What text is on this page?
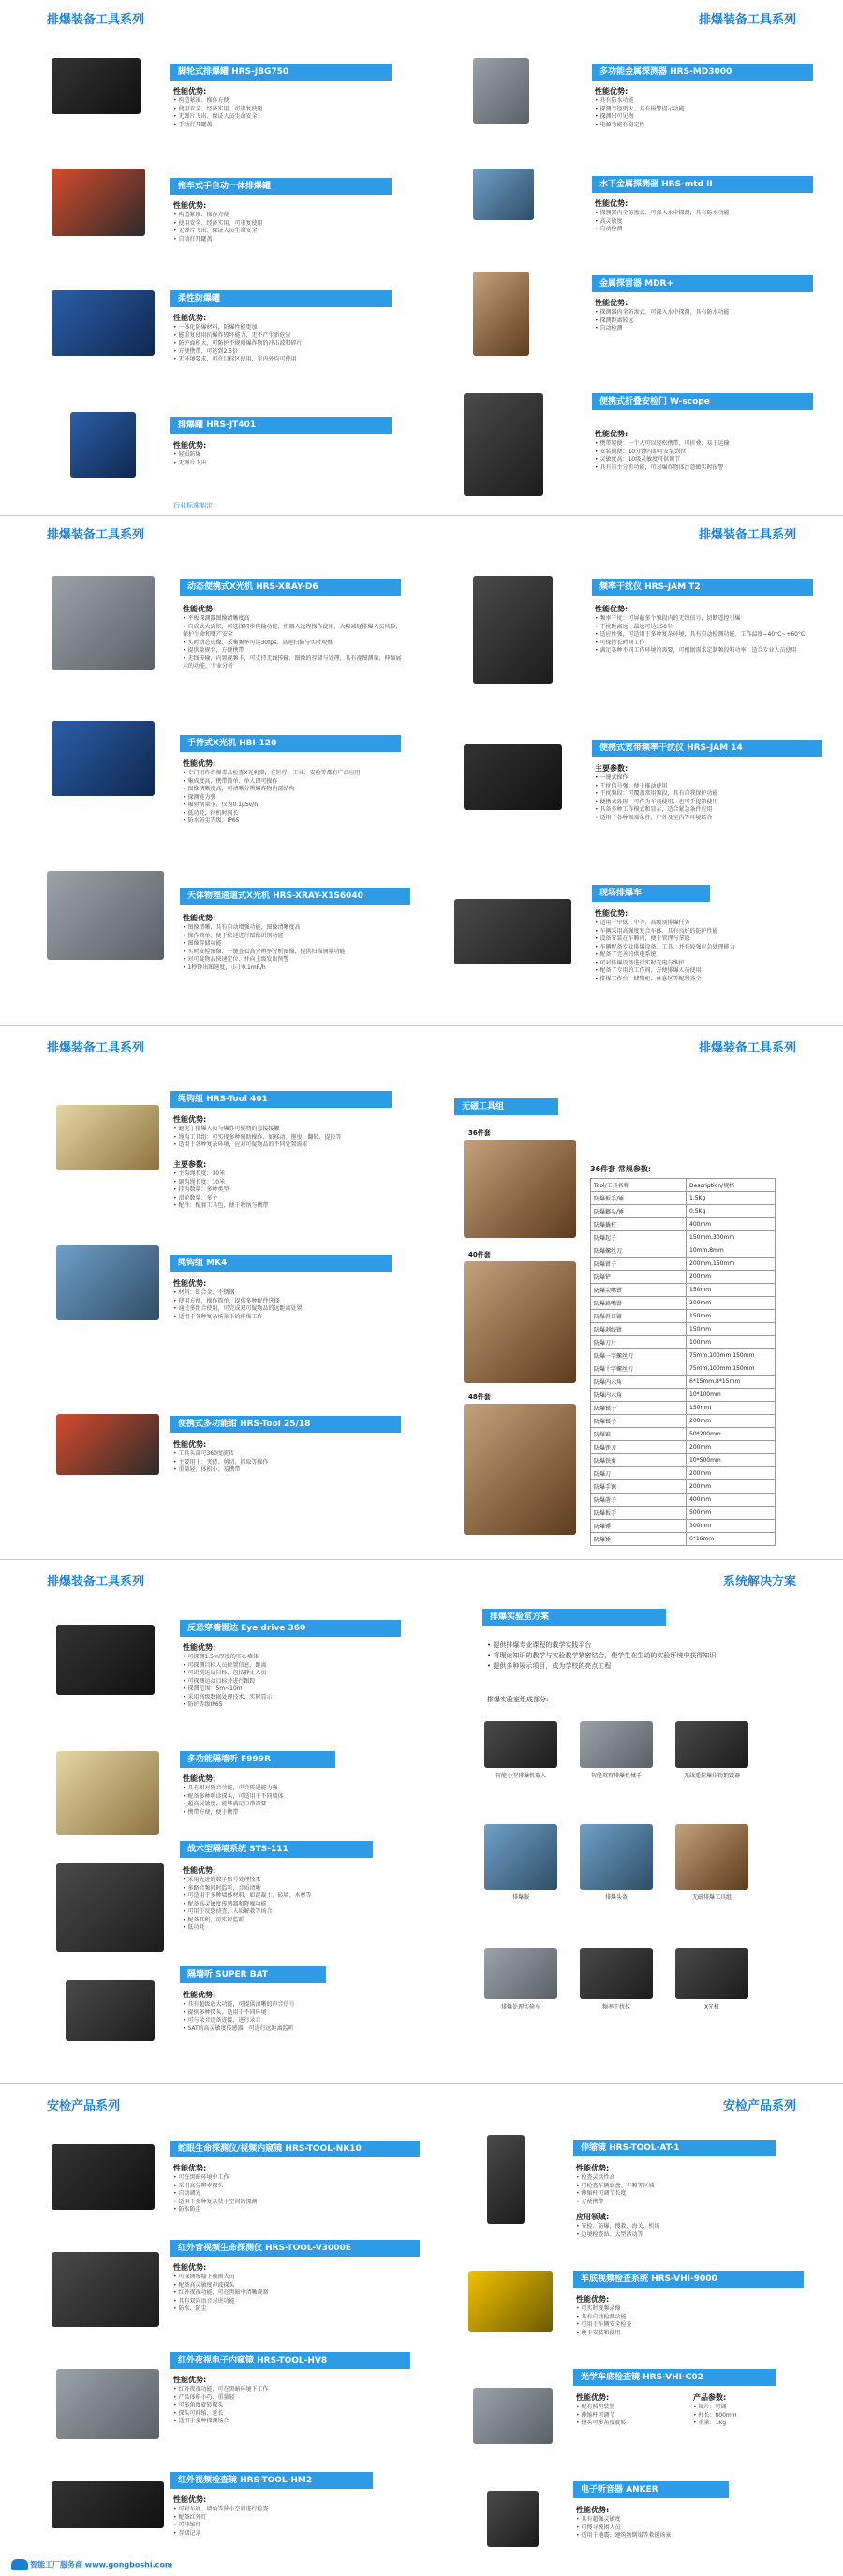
排爆装备工具系列	排爆装备工具系列
脚轮式排爆罐 HRS-JBG750
性能优势:
• 构造紧凑、操作方便
• 使用安全、经济实用、可重复使用
• 无弹片飞出、保证人员生命安全
• 手动打开罐盖
拖车式手自动一体排爆罐
性能优势:
• 构造紧凑、操作方便
• 使用安全、经济实用、可重复使用
• 无弹片飞出、保证人员生命安全
• 自动打开罐盖
柔性防爆罐
性能优势:
• 一体化防爆材料，防爆性能更加
• 能重复使用抗爆炸毁坏能力，无不产生新危害
• 防护面积大，可防护不规则爆炸物的冲击波和碎片
• 方便携带，可达到2.5倍
• 无环境要求，可在目标区使用，室内外均可使用
排爆罐 HRS-JT401
性能优势:
• 轻质防爆
• 无弹片飞出
行业标准制定
多功能金属探测器 HRS-MD3000
性能优势:
• 具有防水功能
• 探测半径更大、具有报警提示功能
• 探测出可见物
• 电源功能有稳定性
水下金属探测器 HRS-mtd II
性能优势:
• 探测器内全防渗式、可深入水中探测，具有防水功能
• 高灵敏度
• 自动检测
金属探雷器 MDR+
性能优势:
• 探测器内全防渗式、可深入水中探测，具有防水功能
• 探测距离较远
• 自动检测
便携式折叠安检门 W-scope
性能优势:
• 携带轻便：一个人可以轻松携带、可折叠、易于运输
• 安装简便：10分钟内即可安装到位
• 灵敏度高：10级灵敏度可供调节
• 具有自主分析功能，可对爆炸物体注意做实时报警
排爆装备工具系列	排爆装备工具系列
动态便携式X光机 HRS-XRAY-D6
性能优势:
• 平板探测器图像清晰度高
• 自成式大面积，可选择同步传输功能，机器人远程操作使用，大幅减轻排爆人员风险，保护生命和财产安全
• 实时动态成像、采集频率可达30fps，高速扫描与实时观察
• 提供量规背，方便携带
• 无线传输，内置视频卡，可支持无线传输、图像的存储与处理、具有视图测量、伸缩展示的功能，专业分析
手持式X光机 HBI-120
性能优势:
• 专门用作炸弹毒品检查X光机器，在医疗、工业、安检等都有广泛应用
• 集成度高，携带简单、单人即可操作
• 图像清晰度高，可清晰分辨爆炸物内部结构
• 探测能力强
• 辐射剂量小，仅为0.1μSv/h
• 低功耗，待机时间长
• 防水防尘等级：IP65
天体物理通道式X光机 HRS-XRAY-X1S6040
性能优势:
• 图像清晰，具有自动增强功能，图像清晰度高
• 操作简单、便于快速进行图像识别功能
• 图像存储功能
• 实时安检图像、一键查看高分辨率分析图像，提供扫描测量功能
• 对可疑物品快速定位、并向上级发出预警
• 1秒钟出图速度，小于0.1mR/h
频率干扰仪 HRS-JAM T2
性能优势:
• 频率干扰：可屏蔽多个频段内的无线信号，切断遥控引爆
• 干扰距离远：最远可达150米
• 适应性强，可适用于多种复杂环境，具有自动检测功能、工作温度−40°C~+60°C
• 可保持长时间工作
• 满足各种不同工作环境的需要，可根据需求定制频段和功率，适合专业人员使用
便携式宽带频率干扰仪 HRS-JAM 14
主要参数:
• 一键式操作
• 干扰信号强：便于推动使用
• 干扰频段：可覆盖常用频段，具有自我保护功能
• 便携式外形，可作为车载使用，也可手提箱使用
• 具备多种工作模式和显示，适合紧急条件应用
• 适用于各种极端条件，户外及室内等环境场合
现场排爆车
性能优势:
• 适用于中低、中等、高级别排爆任务
• 车辆采用高强度复合车体、具有良好的防护性能
• 设备安装在车厢内，便于管理与拿取
• 车辆配备专业排爆设备、工具，并有较强应急处理能力
• 配备了完善的供电系统
• 可对排爆设备进行实时充电与维护
• 配备了专用的工作间，方便排爆人员使用
• 排爆工作台、储物柜、休息区等配置齐全
排爆装备工具系列	排爆装备工具系列
绳钩组 HRS-Tool 401
性能优势:
• 避免了排爆人员与爆炸可疑物的直接接触
• 绳钩工具组：可实现多种辅助操作，如移动、拖曳、翻转、提拉等
• 适用于各种复杂环境，应对可疑物品的不同处置需求
主要参数:
• 主钩绳长度：30米
• 副钩绳长度：10米
• 挂钩数量：多种类型
• 滑轮数量：多个
• 配件：配套工具包，便于收纳与携带
绳钩组 MK4
性能优势:
• 材料：铝合金、不锈钢
• 使用方便，操作简单，提供多种配件选择
• 通过多组合使用，可完成对可疑物品的远距离处置
• 适用于各种复杂场景下的排爆工作
便携式多功能钳 HRS-Tool 25/18
性能优势:
• 工具头部可360度旋转
• 主要用于：夹持、剪切、抓取等操作
• 重量轻、体积小、易携带
无磁工具组
36件套
40件套
48件套
36件套 常规参数:
Tool/工具名称	Description/规格
防爆扳手/锤	1.5Kg
防爆鎯头/锤	0.5Kg
防爆撬杠	400mm
防爆起子	150mm,300mm
防爆螺丝刀	10mm,8mm
防爆钳子	200mm,150mm
防爆铲	200mm
防爆尖嘴钳	150mm
防爆扁嘴钳	200mm
防爆斜口钳	150mm
防爆剥线钳	150mm
防爆刀片	100mm
防爆一字螺丝刀	75mm,100mm,150mm
防爆十字螺丝刀	75mm,100mm,150mm
防爆内六角	6*15mm,8*15mm
防爆内六角	10*100mm
防爆镊子	150mm
防爆镊子	200mm
防爆锥	50*200mm
防爆锉刀	200mm
防爆铁剪	10*500mm
防爆刀	200mm
防爆手锯	200mm
防爆凿子	400mm
防爆扳手	500mm
防爆锤	300mm
防爆锤	6*16mm
排爆装备工具系列	系统解决方案
反恐穿墙雷达 Eye drive 360
性能优势:
• 可探测1.5m厚度的实心墙体
• 可探测目标人员位置信息、距离
• 可识别运动目标，包括静止人员
• 可探测运动目标并进行跟踪
• 探测范围：5m~10m
• 采用高级数据处理技术，实时显示
• 防护等级IP65
多功能隔墙听 F999R
性能优势:
• 具有相对隔音功能，声音传递能力强
• 配备多种听诊探头，可适用于不同墙体
• 超高灵敏度，能够满足日常需要
• 携带方便，便于携带
战术型隔墙系统 STS-111
性能优势:
• 采用先进的数字信号处理技术
• 多路音频同时监听，音质清晰
• 可适用于多种墙体材料，如混凝土、砖墙、木材等
• 配备高灵敏度传感器和降噪功能
• 可用于反恐侦查、人质解救等场合
• 配备耳机，可实时监听
• 低功耗
隔墙听 SUPER BAT
性能优势:
• 具有超级放大功能，可提供清晰的声音信号
• 提供多种探头，适用于不同环境
• 可与录音设备连接，进行录音
• SAT的高灵敏度传感器，可进行远距离监听
排爆实验室方案
• 提供排爆专业课程的教学实践平台
• 将理论知识的教学与实验教学紧密结合，使学生在生动的实验环境中获得知识
• 提供多种展示项目，成为学校的亮点工程
排爆实验室组成部分:
智能小型排爆机器人	智能双臂排爆机械手	无线遥控爆炸物销毁器
排爆服	排爆头盔	无磁排爆工具组
排爆处理实验车	频率干扰仪	X光机
安检产品系列	安检产品系列
蛇眼生命探测仪/视频内窥镜 HRS-TOOL-NK10
性能优势:
• 可在黑暗环境中工作
• 采用高分辨率探头
• 自动调光
• 适用于多种复杂狭小空间的探测
• 防水防尘
红外音视频生命探测仪 HRS-TOOL-V3000E
性能优势:
• 可探测废墟下被困人员
• 配备高灵敏度声波探头
• 红外夜视功能，可在黑暗中清晰观察
• 具有双向语音对讲功能
• 防水、防尘
红外夜视电子内窥镜 HRS-TOOL-HV8
性能优势:
• 红外夜视功能，可在黑暗环境下工作
• 产品体积小巧、重量轻
• 可多角度旋转探头
• 探头可伸缩、延长
• 适用于多种探测场合
红外视频检查镜 HRS-TOOL-HM2
性能优势:
• 可对车底、墙角等狭小空间进行检查
• 配备红外灯
• 可伸缩杆
• 存储记录
伸缩镜 HRS-TOOL-AT-1
性能优势:
• 检查灵活性高
• 可检查车辆底盘、车厢等区域
• 伸缩杆可调节长度
• 方便携带
应用领域:
• 安检、防爆、搜救、海关、机场
• 边境检查站、大型活动等
车底视频检查系统 HRS-VHI-9000
性能优势:
• 可实时视频录像
• 具有自动检测功能
• 可用于车辆安全检查
• 便于安装和使用
光学车底检查镜 HRS-VHI-C02
性能优势:
• 配有照明装置
• 伸缩杆可调节
• 镜头可多角度旋转
产品参数:
• 镜片：可调
• 杆长：800mm
• 重量：1Kg
电子听音器 ANKER
性能优势:
• 具有超强灵敏度
• 可搜寻被困人员
• 适用于地震、建筑物倒塌等救援场景
智能工厂服务商 www.gongboshi.com
